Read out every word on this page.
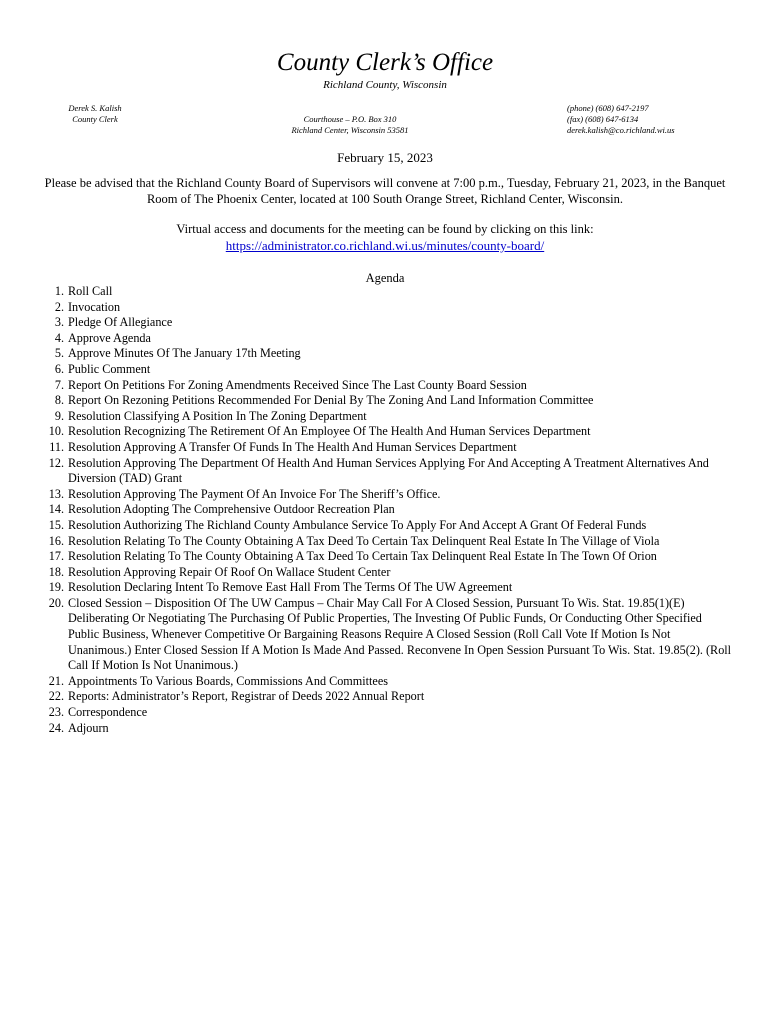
County Clerk’s Office
Richland County, Wisconsin
Derek S. Kalish
County Clerk	Courthouse – P.O. Box 310
Richland Center, Wisconsin 53581
(phone) (608) 647-2197
(fax) (608) 647-6134
derek.kalish@co.richland.wi.us
February 15, 2023
Please be advised that the Richland County Board of Supervisors will convene at 7:00 p.m., Tuesday, February 21, 2023, in the Banquet Room of The Phoenix Center, located at 100 South Orange Street, Richland Center, Wisconsin.
Virtual access and documents for the meeting can be found by clicking on this link:
https://administrator.co.richland.wi.us/minutes/county-board/
Agenda
1. Roll Call
2. Invocation
3. Pledge Of Allegiance
4. Approve Agenda
5. Approve Minutes Of The January 17th Meeting
6. Public Comment
7. Report On Petitions For Zoning Amendments Received Since The Last County Board Session
8. Report On Rezoning Petitions Recommended For Denial By The Zoning And Land Information Committee
9. Resolution Classifying A Position In The Zoning Department
10. Resolution Recognizing The Retirement Of An Employee Of The Health And Human Services Department
11. Resolution Approving A Transfer Of Funds In The Health And Human Services Department
12. Resolution Approving The Department Of Health And Human Services Applying For And Accepting A Treatment Alternatives And Diversion (TAD) Grant
13. Resolution Approving The Payment Of An Invoice For The Sheriff’s Office.
14. Resolution Adopting The Comprehensive Outdoor Recreation Plan
15. Resolution Authorizing The Richland County Ambulance Service To Apply For And Accept A Grant Of Federal Funds
16. Resolution Relating To The County Obtaining A Tax Deed To Certain Tax Delinquent Real Estate In The Village of Viola
17. Resolution Relating To The County Obtaining A Tax Deed To Certain Tax Delinquent Real Estate In The Town Of Orion
18. Resolution Approving Repair Of Roof On Wallace Student Center
19. Resolution Declaring Intent To Remove East Hall From The Terms Of The UW Agreement
20. Closed Session – Disposition Of The UW Campus – Chair May Call For A Closed Session, Pursuant To Wis. Stat. 19.85(1)(E) Deliberating Or Negotiating The Purchasing Of Public Properties, The Investing Of Public Funds, Or Conducting Other Specified Public Business, Whenever Competitive Or Bargaining Reasons Require A Closed Session (Roll Call Vote If Motion Is Not Unanimous.) Enter Closed Session If A Motion Is Made And Passed. Reconvene In Open Session Pursuant To Wis. Stat. 19.85(2). (Roll Call If Motion Is Not Unanimous.)
21. Appointments To Various Boards, Commissions And Committees
22. Reports: Administrator’s Report, Registrar of Deeds 2022 Annual Report
23. Correspondence
24. Adjourn
